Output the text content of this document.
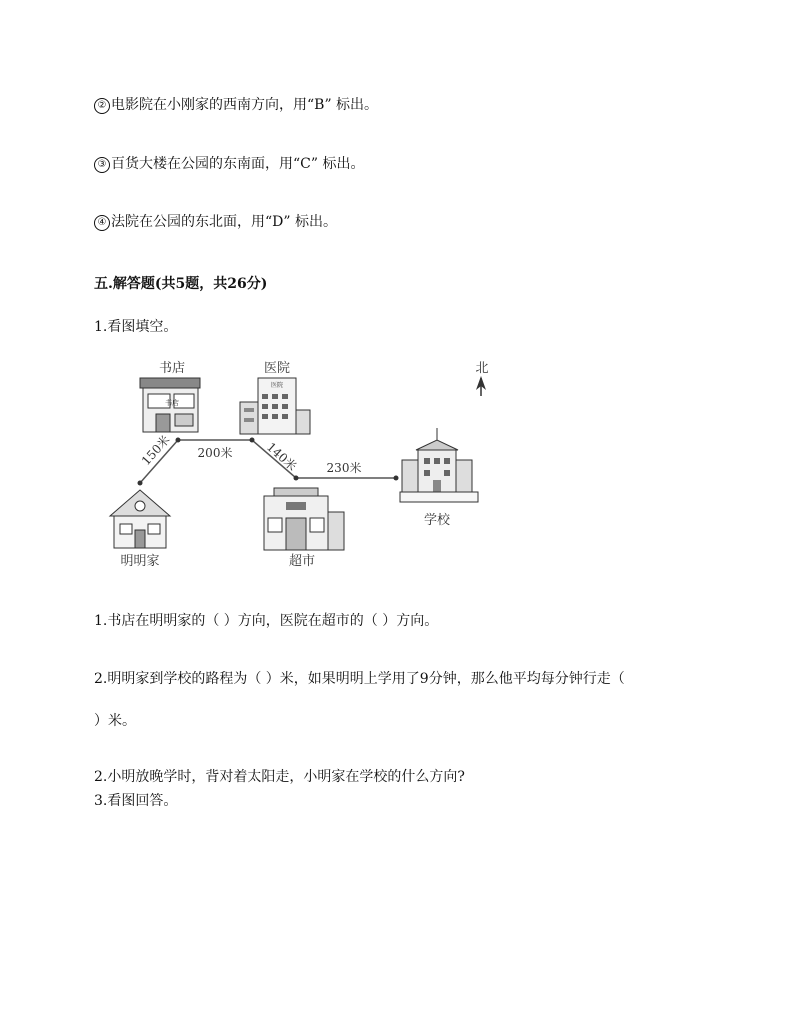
② 电影院在小刚家的西南方向，用“B” 标出。
③ 百货大楼在公园的东南面，用“C” 标出。
④ 法院在公园的东北面，用“D” 标出。
五.解答题(共5题，共26分)
1.看图填空。
北
书店
书店
医院
医院
150米 200米	140米 230米
学校
明明家	超市
1.书店在明明家的（ ）方向，医院在超市的（ ）方向。
2.明明家到学校的路程为（ ）米，如果明明上学用了9分钟，那么他平均每分钟行走（
）米。
2.小明放晚学时，背对着太阳走，小明家在学校的什么方向?
3.看图回答。
